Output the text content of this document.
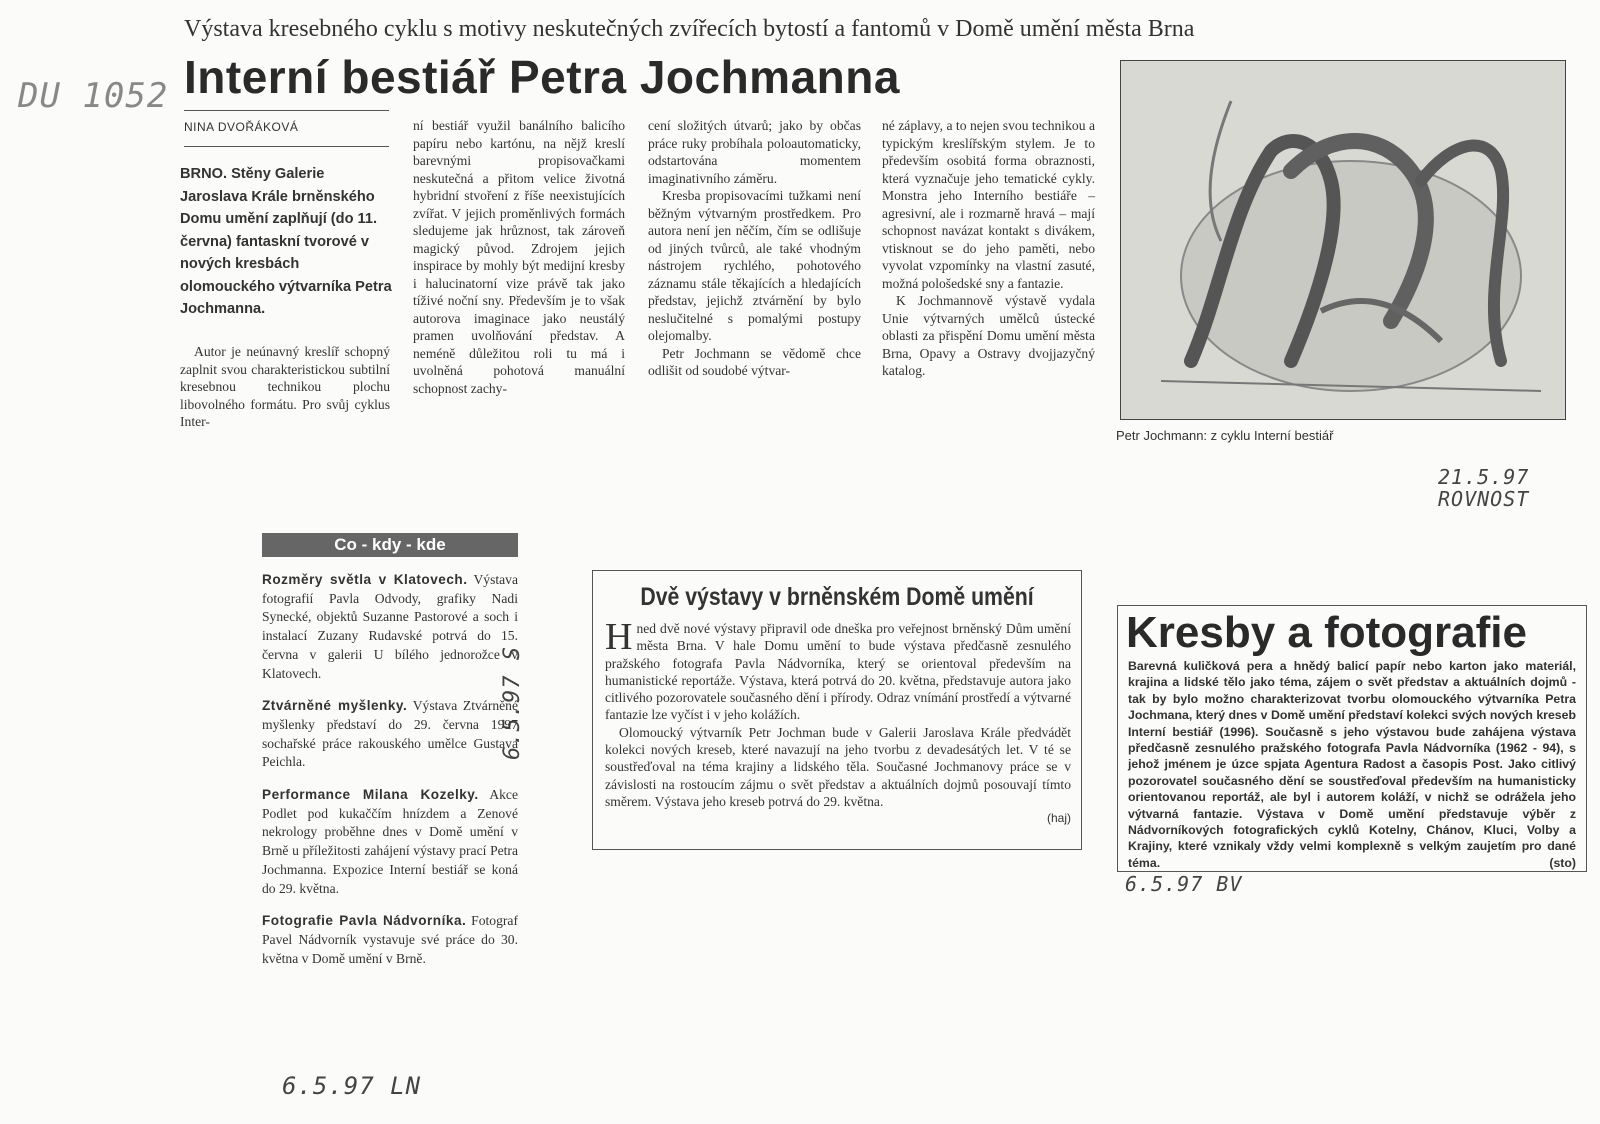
DU 1052
21.5.97
ROVNOST
6.5.97 S
6.5.97 BV
6.5.97 LN
Výstava kresebného cyklu s motivy neskutečných zvířecích bytostí a fantomů v Domě umění města Brna
Interní bestiář Petra Jochmanna
NINA DVOŘÁKOVÁ
BRNO. Stěny Galerie Jaroslava Krále brněnského Domu umění zaplňují (do 11. června) fantaskní tvorové v nových kresbách olomouckého výtvarníka Petra Jochmanna.

Autor je neúnavný kreslíř schopný zaplnit svou charakteristickou subtilní kresebnou technikou plochu libovolného formátu. Pro svůj cyklus Inter-

ní bestiář využil banálního balicího papíru nebo kartónu, na nějž kreslí barevnými propisovačkami neskutečná a přitom velice životná hybridní stvoření z říše neexistujících zvířat. V jejich proměnlivých formách sledujeme jak hrůznost, tak zároveň magický původ. Zdrojem jejich inspirace by mohly být medijní kresby i halucinatorní vize právě tak jako tíživé noční sny. Především je to však autorova imaginace jako neustálý pramen uvolňování představ. A neméně důležitou roli tu má i uvolněná pohotová manuální schopnost zachy-

cení složitých útvarů; jako by občas práce ruky probíhala poloautomaticky, odstartována momentem imaginativního záměru.

Kresba propisovacími tužkami není běžným výtvarným prostředkem. Pro autora není jen něčím, čím se odlišuje od jiných tvůrců, ale také vhodným nástrojem rychlého, pohotového záznamu stále těkajících a hledajících představ, jejichž ztvárnění by bylo neslučitelné s pomalými postupy olejomalby.

Petr Jochmann se vědomě chce odlišit od soudobé výtvar-

né záplavy, a to nejen svou technikou a typickým kreslířským stylem. Je to především osobitá forma obraznosti, která vyznačuje jeho tematické cykly. Monstra jeho Interního bestiáře – agresivní, ale i rozmarně hravá – mají schopnost navázat kontakt s divákem, vtisknout se do jeho paměti, nebo vyvolat vzpomínky na vlastní zasuté, možná pološedské sny a fantazie.

K Jochmannově výstavě vydala Unie výtvarných umělců ústecké oblasti za přispění Domu umění města Brna, Opavy a Ostravy dvojjazyčný katalog.

Petr Jochmann: z cyklu Interní bestiář
Co - kdy - kde
Rozměry světla v Klatovech. Výstava fotografií Pavla Odvody, grafiky Nadi Synecké, objektů Suzanne Pastorové a soch i instalací Zuzany Rudavské potrvá do 15. června v galerii U bílého jednorožce v Klatovech.
Ztvárněné myšlenky. Výstava Ztvárněné myšlenky představí do 29. června 1997 sochařské práce rakouského umělce Gustava Peichla.
Performance Milana Kozelky. Akce Podlet pod kukaččím hnízdem a Zenové nekrology proběhne dnes v Domě umění v Brně u příležitosti zahájení výstavy prací Petra Jochmanna. Expozice Interní bestiář se koná do 29. května.
Fotografie Pavla Nádvorníka. Fotograf Pavel Nádvorník vystavuje své práce do 30. května v Domě umění v Brně.
Dvě výstavy v brněnském Domě umění
H ned dvě nové výstavy připravil ode dneška pro veřejnost brněnský Dům umění města Brna. V hale Domu umění to bude výstava předčasně zesnulého pražského fotografa Pavla Nádvorníka, který se orientoval především na humanistické reportáže. Výstava, která potrvá do 20. května, představuje autora jako citlivého pozorovatele současného dění i přírody. Odraz vnímání prostředí a výtvarné fantazie lze vyčíst i v jeho kolážích.
Olomoucký výtvarník Petr Jochman bude v Galerii Jaroslava Krále předvádět kolekci nových kreseb, které navazují na jeho tvorbu z devadesátých let. V té se soustřeďoval na téma krajiny a lidského těla. Současné Jochmanovy práce se v závislosti na rostoucím zájmu o svět představ a aktuálních dojmů posouvají tímto směrem. Výstava jeho kreseb potrvá do 29. května.
(haj)
Kresby a fotografie
Barevná kuličková pera a hnědý balicí papír nebo karton jako materiál, krajina a lidské tělo jako téma, zájem o svět představ a aktuálních dojmů - tak by bylo možno charakterizovat tvorbu olomouckého výtvarníka Petra Jochmana, který dnes v Domě umění představí kolekci svých nových kreseb Interní bestiář (1996). Současně s jeho výstavou bude zahájena výstava předčasně zesnulého pražského fotografa Pavla Nádvorníka (1962 - 94), s jehož jménem je úzce spjata Agentura Radost a časopis Post. Jako citlivý pozorovatel současného dění se soustřeďoval především na humanisticky orientovanou reportáž, ale byl i autorem koláží, v nichž se odrážela jeho výtvarná fantazie. Výstava v Domě umění představuje výběr z Nádvorníkových fotografických cyklů Kotelny, Chánov, Kluci, Volby a Krajiny, které vznikaly vždy velmi komplexně s velkým zaujetím pro dané téma.	(sto)
